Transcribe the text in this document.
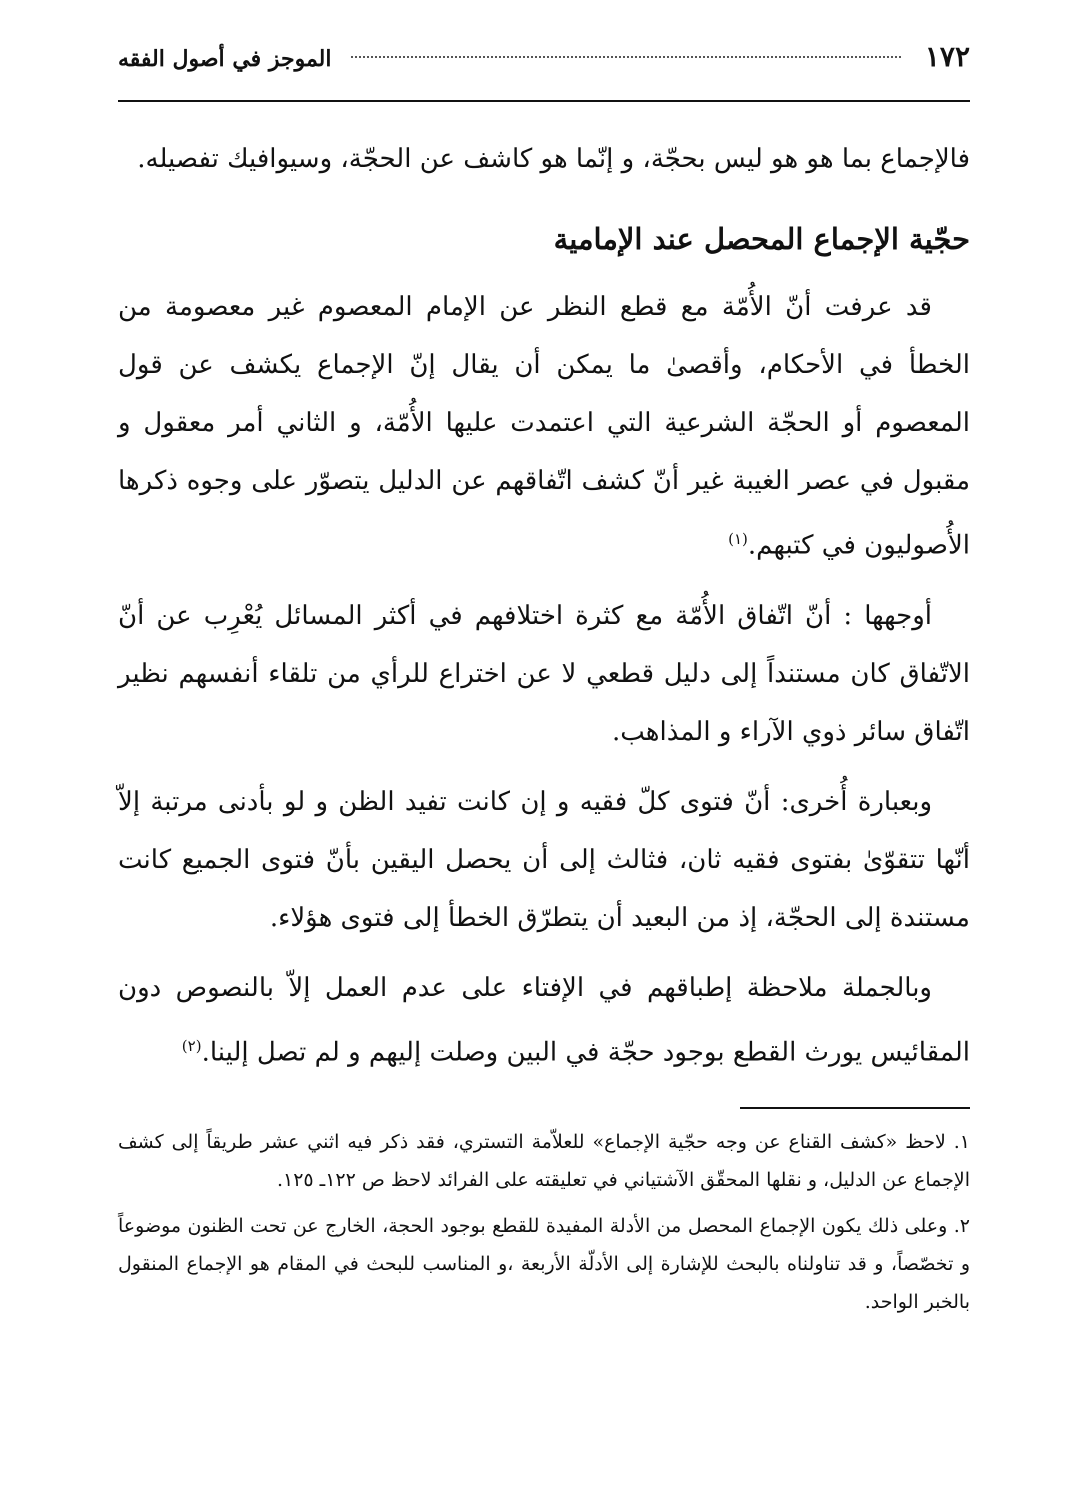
١٧٢
الموجز في أصول الفقه

فالإجماع بما هو هو ليس بحجّة، و إنّما هو كاشف عن الحجّة، وسيوافيك تفصيله.

حجّية الإجماع المحصل عند الإمامية

قد عرفت أنّ الأُمّة مع قطع النظر عن الإمام المعصوم غير معصومة من الخطأ في الأحكام، وأقصىٰ ما يمكن أن يقال إنّ الإجماع يكشف عن قول المعصوم أو الحجّة الشرعية التي اعتمدت عليها الأُمّة، و الثاني أمر معقول و مقبول في عصر الغيبة غير أنّ كشف اتّفاقهم عن الدليل يتصوّر على وجوه ذكرها الأُصوليون في كتبهم.$^{(١)}$

أوجهها : أنّ اتّفاق الأُمّة مع كثرة اختلافهم في أكثر المسائل يُعْرِب عن أنّ الاتّفاق كان مستنداً إلى دليل قطعي لا عن اختراع للرأي من تلقاء أنفسهم نظير اتّفاق سائر ذوي الآراء و المذاهب.

وبعبارة أُخرى: أنّ فتوى كلّ فقيه و إن كانت تفيد الظن و لو بأدنى مرتبة إلاّ أنّها تتقوّىٰ بفتوى فقيه ثان، فثالث إلى أن يحصل اليقين بأنّ فتوى الجميع كانت مستندة إلى الحجّة، إذ من البعيد أن يتطرّق الخطأ إلى فتوى هؤلاء.

وبالجملة ملاحظة إطباقهم في الإفتاء على عدم العمل إلاّ بالنصوص دون المقائيس يورث القطع بوجود حجّة في البين وصلت إليهم و لم تصل إلينا.$^{(٢)}$

١. لاحظ «كشف القناع عن وجه حجّية الإجماع» للعلاّمة التستري، فقد ذكر فيه اثني عشر طريقاً إلى كشف الإجماع عن الدليل، و نقلها المحقّق الآشتياني في تعليقته على الفرائد لاحظ ص ١٢٢ـ ١٢٥.
٢. وعلى ذلك يكون الإجماع المحصل من الأدلة المفيدة للقطع بوجود الحجة، الخارج عن تحت الظنون موضوعاً و تخصّصاً، و قد تناولناه بالبحث للإشارة إلى الأدلّة الأربعة ،و المناسب للبحث في المقام هو الإجماع المنقول بالخبر الواحد.
